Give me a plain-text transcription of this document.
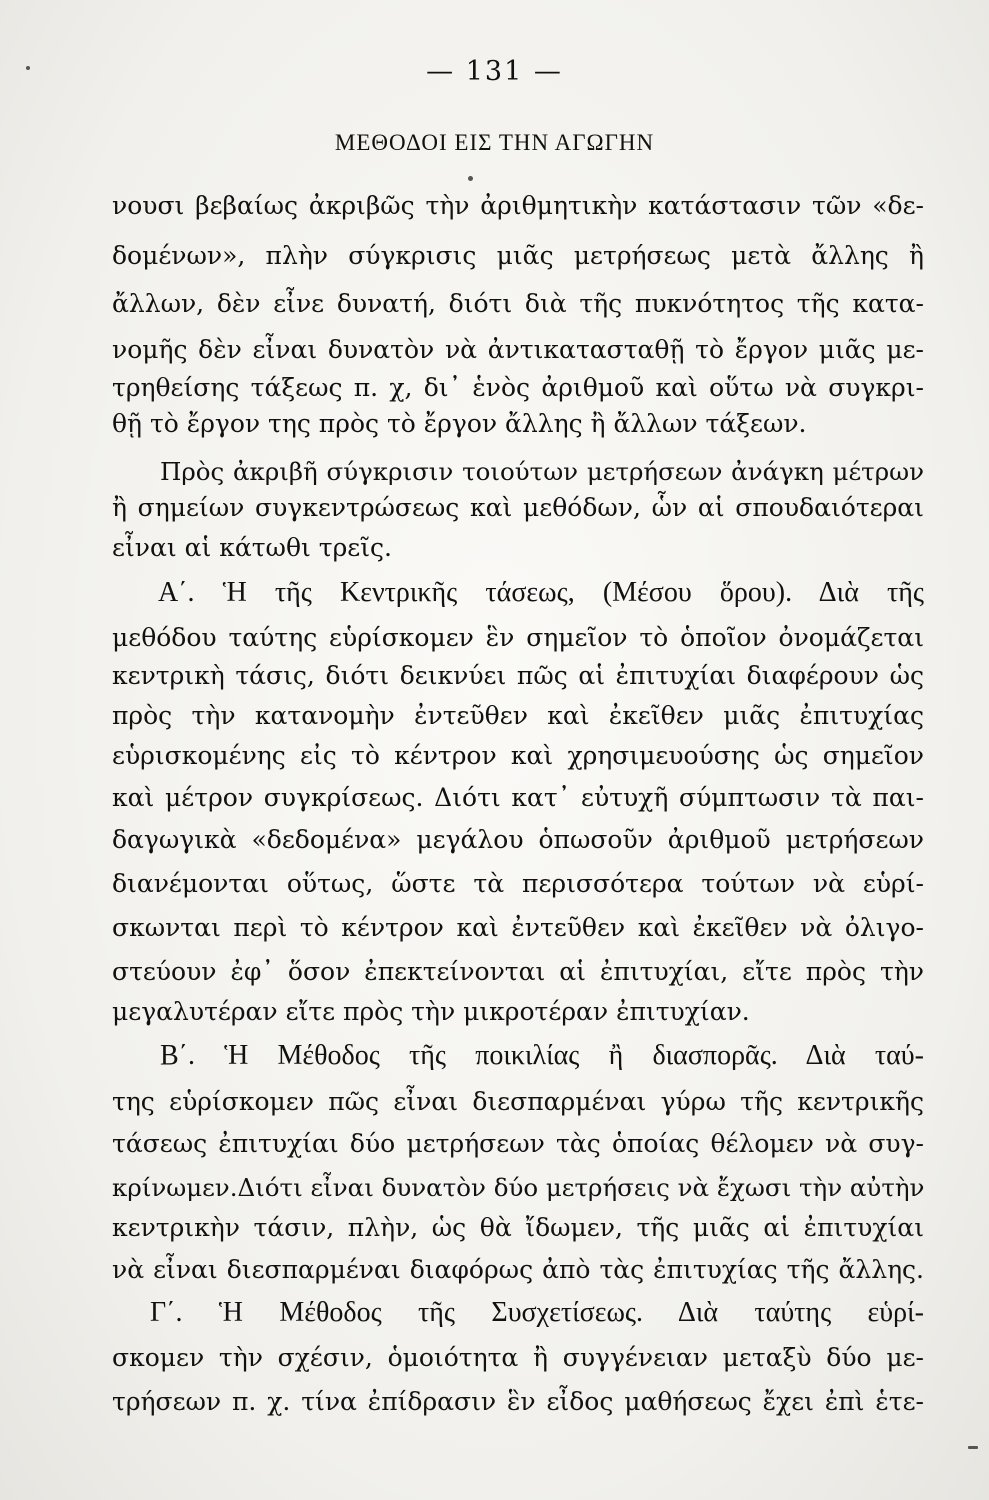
— 131 —
ΜΕΘΟΔΟΙ ΕΙΣ ΤΗΝ ΑΓΩΓΗΝ
νουσι βεβαίως ἀκριβῶς τὴν ἀριθμητικὴν κατάστασιν τῶν «δε-
δομένων», πλὴν σύγκρισις μιᾶς μετρήσεως μετὰ ἄλλης ἢ
ἄλλων, δὲν εἶνε δυνατή, διότι διὰ τῆς πυκνότητος τῆς κατα-
νομῆς δὲν εἶναι δυνατὸν νὰ ἀντικατασταθῇ τὸ ἔργον μιᾶς με-
τρηθείσης τάξεως π. χ, δι᾽ ἑνὸς ἀριθμοῦ καὶ οὕτω νὰ συγκρι-
θῇ τὸ ἔργον της πρὸς τὸ ἔργον ἄλλης ἢ ἄλλων τάξεων.
Πρὸς ἀκριβῆ σύγκρισιν τοιούτων μετρήσεων ἀνάγκη μέτρων
ἢ σημείων συγκεντρώσεως καὶ μεθόδων, ὧν αἱ σπουδαιότεραι
εἶναι αἱ κάτωθι τρεῖς.
Α΄. Ἡ τῆς Κεντρικῆς τάσεως, (Μέσου ὅρου). Διὰ τῆς
μεθόδου ταύτης εὑρίσκομεν ἓν σημεῖον τὸ ὁποῖον ὀνομάζεται
κεντρικὴ τάσις, διότι δεικνύει πῶς αἱ ἐπιτυχίαι διαφέρουν ὡς
πρὸς τὴν κατανομὴν ἐντεῦθεν καὶ ἐκεῖθεν μιᾶς ἐπιτυχίας
εὑρισκομένης εἰς τὸ κέντρον καὶ χρησιμευούσης ὡς σημεῖον
καὶ μέτρον συγκρίσεως. Διότι κατ᾽ εὐτυχῆ σύμπτωσιν τὰ παι-
δαγωγικὰ «δεδομένα» μεγάλου ὁπωσοῦν ἀριθμοῦ μετρήσεων
διανέμονται οὕτως, ὥστε τὰ περισσότερα τούτων νὰ εὑρί-
σκωνται περὶ τὸ κέντρον καὶ ἐντεῦθεν καὶ ἐκεῖθεν νὰ ὀλιγο-
στεύουν ἐφ᾽ ὅσον ἐπεκτείνονται αἱ ἐπιτυχίαι, εἴτε πρὸς τὴν
μεγαλυτέραν εἴτε πρὸς τὴν μικροτέραν ἐπιτυχίαν.
Β΄. Ἡ Μέθοδος τῆς ποικιλίας ἢ διασπορᾶς. Διὰ ταύ-
της εὑρίσκομεν πῶς εἶναι διεσπαρμέναι γύρω τῆς κεντρικῆς
τάσεως ἐπιτυχίαι δύο μετρήσεων τὰς ὁποίας θέλομεν νὰ συγ-
κρίνωμεν.Διότι εἶναι δυνατὸν δύο μετρήσεις νὰ ἔχωσι τὴν αὐτὴν
κεντρικὴν τάσιν, πλὴν, ὡς θὰ ἴδωμεν, τῆς μιᾶς αἱ ἐπιτυχίαι
νὰ εἶναι διεσπαρμέναι διαφόρως ἀπὸ τὰς ἐπιτυχίας τῆς ἄλλης.
Γ΄. Ἡ Μέθοδος τῆς Συσχετίσεως. Διὰ ταύτης εὑρί-
σκομεν τὴν σχέσιν, ὁμοιότητα ἢ συγγένειαν μεταξὺ δύο με-
τρήσεων π. χ. τίνα ἐπίδρασιν ἓν εἶδος μαθήσεως ἔχει ἐπὶ ἑτε-
